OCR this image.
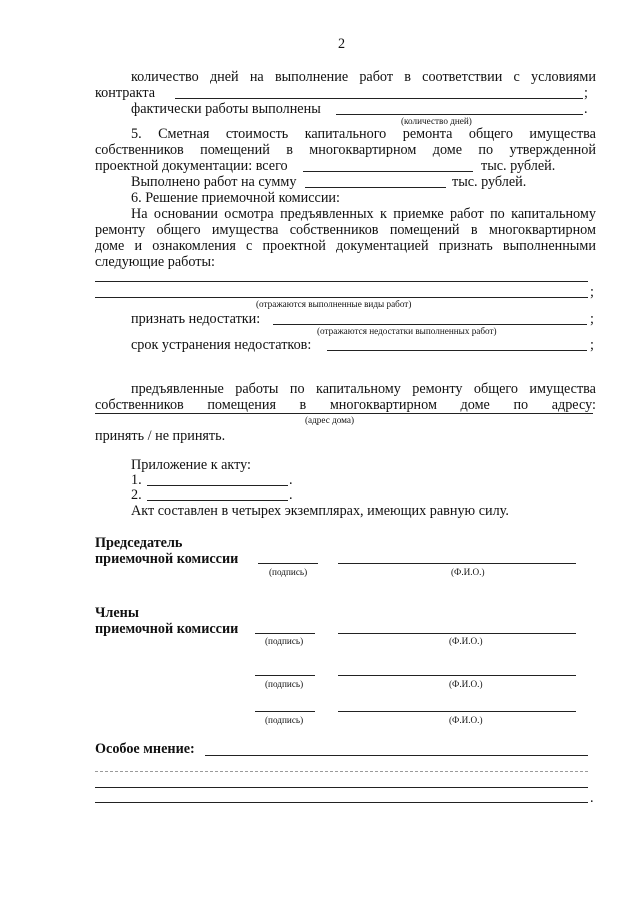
2
количество дней на выполнение работ в соответствии с условиями
контракта	;
фактически работы выполнены	.
(количество дней)
5. Сметная стоимость капитального ремонта общего имущества
собственников помещений в многоквартирном доме по утвержденной
проектной документации: всего	тыс. рублей.
Выполнено работ на сумму	тыс. рублей.
6. Решение приемочной комиссии:
На основании осмотра предъявленных к приемке работ по капитальному
ремонту общего имущества собственников помещений в многоквартирном
доме и ознакомления с проектной документацией признать выполненными
следующие работы:
;
(отражаются выполненные виды работ)
признать недостатки:	;
(отражаются недостатки выполненных работ)
срок устранения недостатков:	;
предъявленные работы по капитальному ремонту общего имущества
собственников помещения в многоквартирном доме по адресу:
(адрес дома)
принять / не принять.
Приложение к акту:
1.	.
2.	.
Акт составлен в четырех экземплярах, имеющих равную силу.
Председатель
приемочной комиссии
(подпись)	(Ф.И.О.)
Члены
приемочной комиссии
(подпись)	(Ф.И.О.)
(подпись)	(Ф.И.О.)
(подпись)	(Ф.И.О.)
Особое мнение:
.
